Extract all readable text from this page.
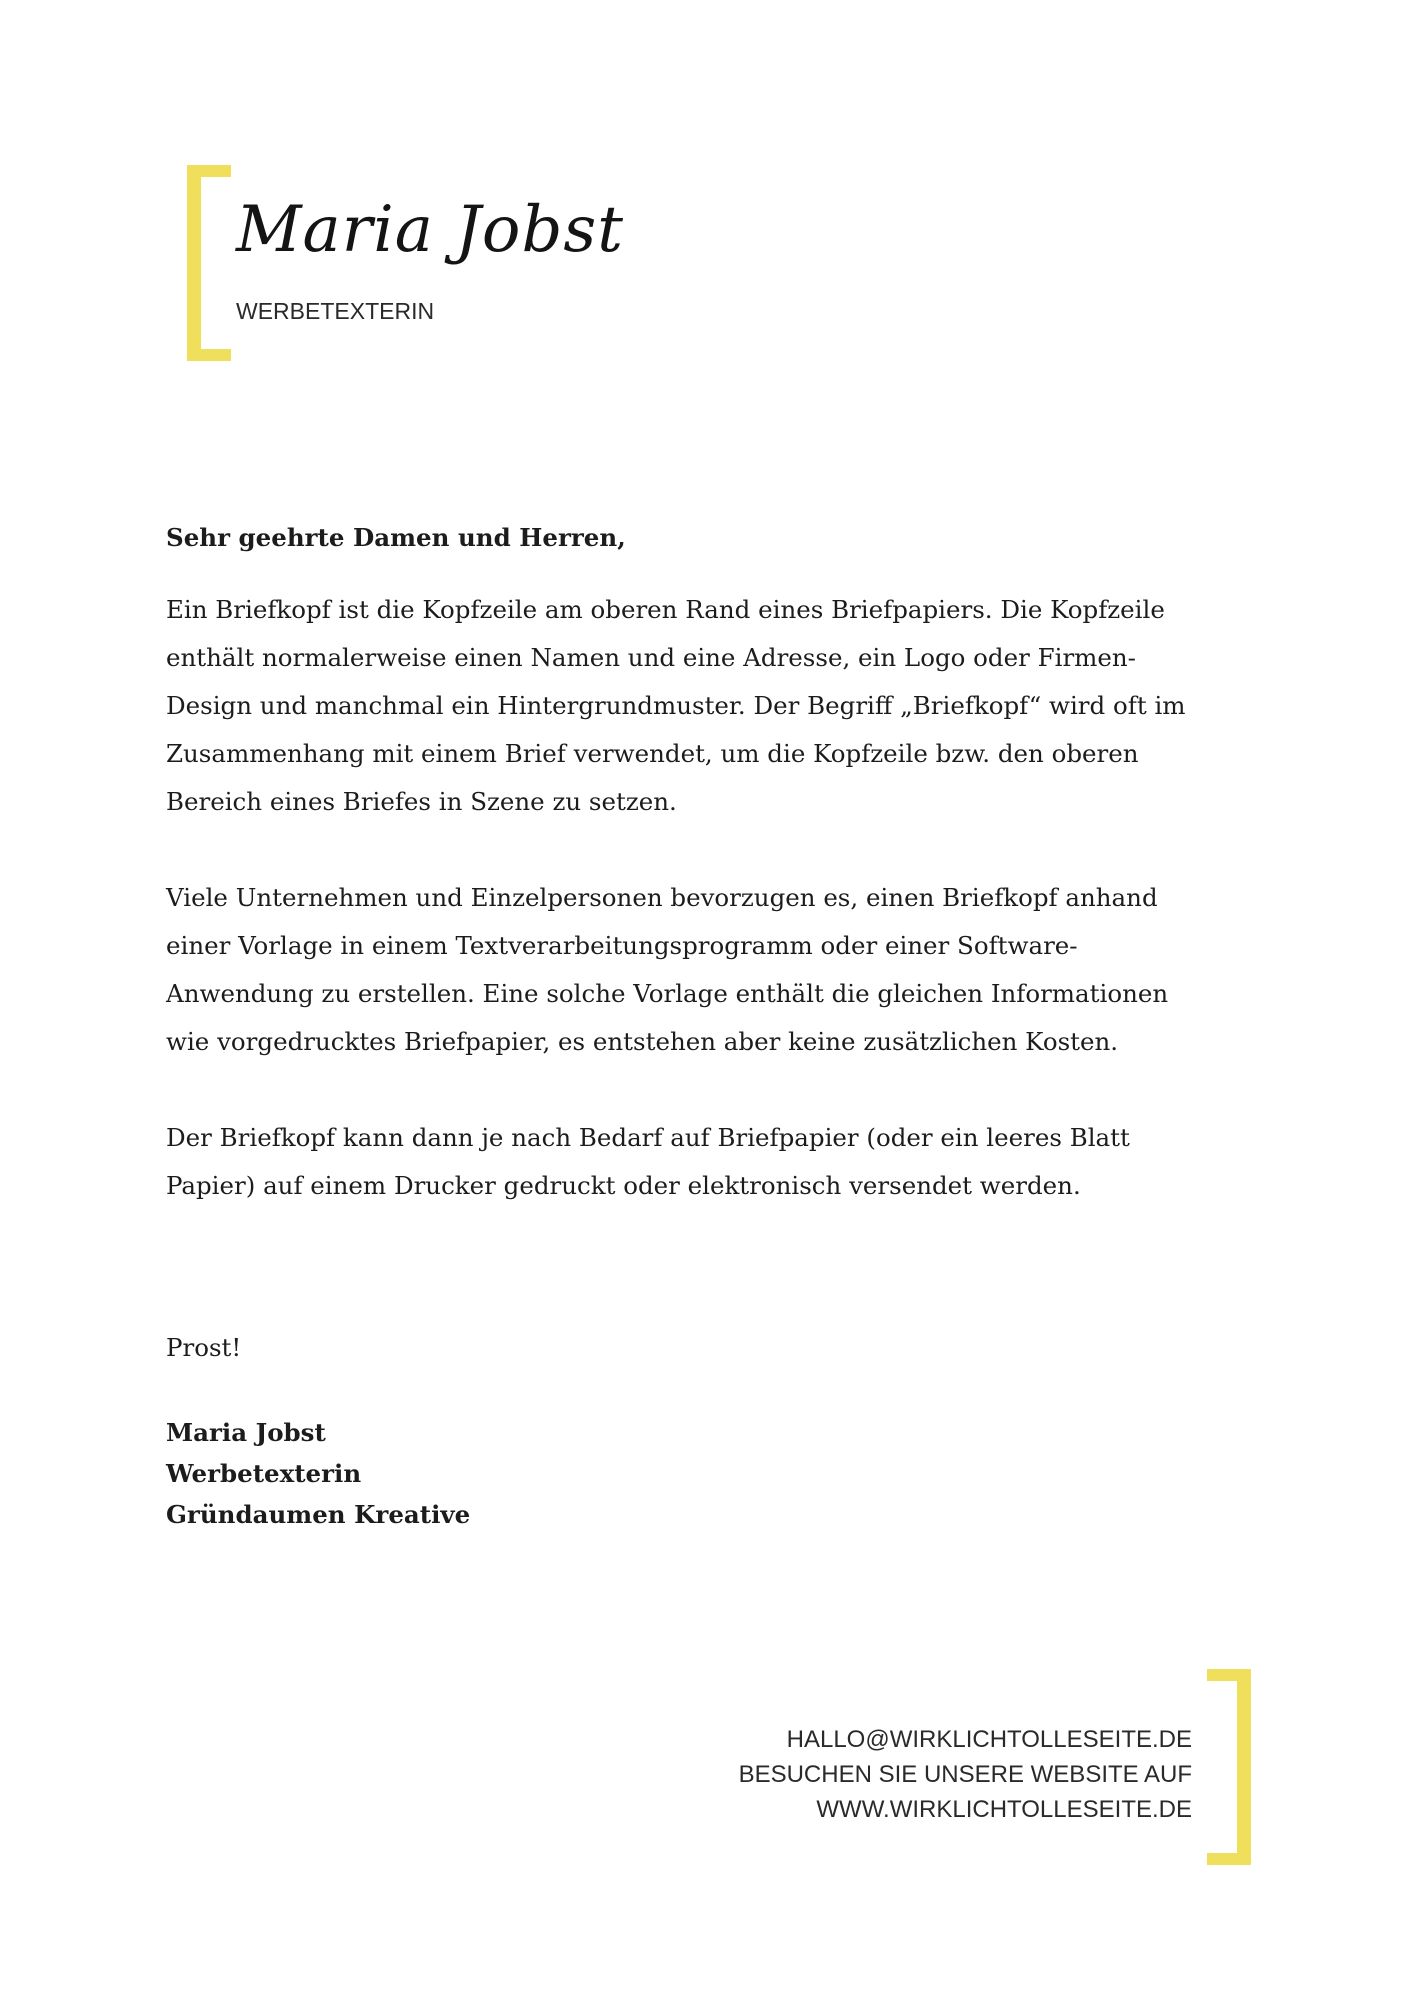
Maria Jobst
WERBETEXTERIN

Sehr geehrte Damen und Herren,

Ein Briefkopf ist die Kopfzeile am oberen Rand eines Briefpapiers. Die Kopfzeile
enthält normalerweise einen Namen und eine Adresse, ein Logo oder Firmen-
Design und manchmal ein Hintergrundmuster. Der Begriff „Briefkopf“ wird oft im
Zusammenhang mit einem Brief verwendet, um die Kopfzeile bzw. den oberen
Bereich eines Briefes in Szene zu setzen.

Viele Unternehmen und Einzelpersonen bevorzugen es, einen Briefkopf anhand
einer Vorlage in einem Textverarbeitungsprogramm oder einer Software-
Anwendung zu erstellen. Eine solche Vorlage enthält die gleichen Informationen
wie vorgedrucktes Briefpapier, es entstehen aber keine zusätzlichen Kosten.

Der Briefkopf kann dann je nach Bedarf auf Briefpapier (oder ein leeres Blatt
Papier) auf einem Drucker gedruckt oder elektronisch versendet werden.

Prost!
Maria Jobst
Werbetexterin
Gründaumen Kreative
HALLO@WIRKLICHTOLLESEITE.DE
BESUCHEN SIE UNSERE WEBSITE AUF
WWW.WIRKLICHTOLLESEITE.DE
